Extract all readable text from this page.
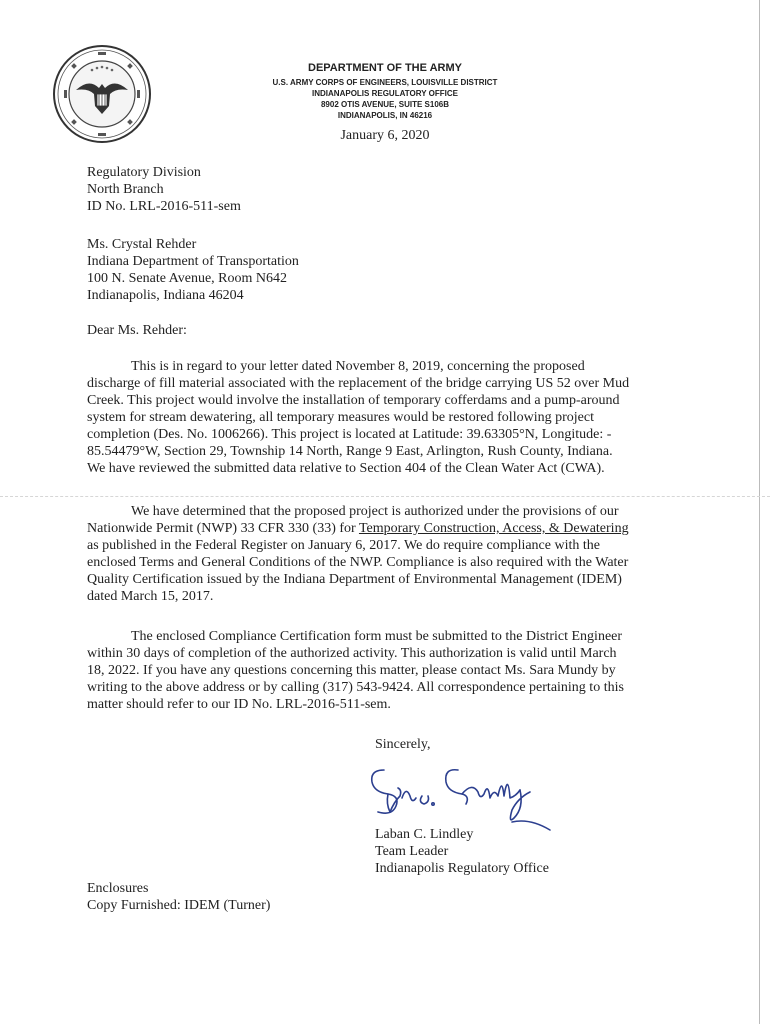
DEPARTMENT OF THE ARMY
U.S. ARMY CORPS OF ENGINEERS, LOUISVILLE DISTRICT
INDIANAPOLIS REGULATORY OFFICE
8902 OTIS AVENUE, SUITE S106B
INDIANAPOLIS, IN 46216
January 6, 2020
Regulatory Division
North Branch
ID No. LRL-2016-511-sem
Ms. Crystal Rehder
Indiana Department of Transportation
100 N. Senate Avenue, Room N642
Indianapolis, Indiana 46204
Dear Ms. Rehder:
This is in regard to your letter dated November 8, 2019, concerning the proposed
discharge of fill material associated with the replacement of the bridge carrying US 52 over Mud
Creek. This project would involve the installation of temporary cofferdams and a pump-around
system for stream dewatering, all temporary measures would be restored following project
completion (Des. No. 1006266). This project is located at Latitude: 39.63305°N, Longitude: -
85.54479°W, Section 29, Township 14 North, Range 9 East, Arlington, Rush County, Indiana.
We have reviewed the submitted data relative to Section 404 of the Clean Water Act (CWA).
We have determined that the proposed project is authorized under the provisions of our
Nationwide Permit (NWP) 33 CFR 330 (33) for Temporary Construction, Access, & Dewatering
as published in the Federal Register on January 6, 2017. We do require compliance with the
enclosed Terms and General Conditions of the NWP. Compliance is also required with the Water
Quality Certification issued by the Indiana Department of Environmental Management (IDEM)
dated March 15, 2017.
The enclosed Compliance Certification form must be submitted to the District Engineer
within 30 days of completion of the authorized activity. This authorization is valid until March
18, 2022. If you have any questions concerning this matter, please contact Ms. Sara Mundy by
writing to the above address or by calling (317) 543-9424. All correspondence pertaining to this
matter should refer to our ID No. LRL-2016-511-sem.
Sincerely,
Laban C. Lindley
Team Leader
Indianapolis Regulatory Office
Enclosures
Copy Furnished: IDEM (Turner)
